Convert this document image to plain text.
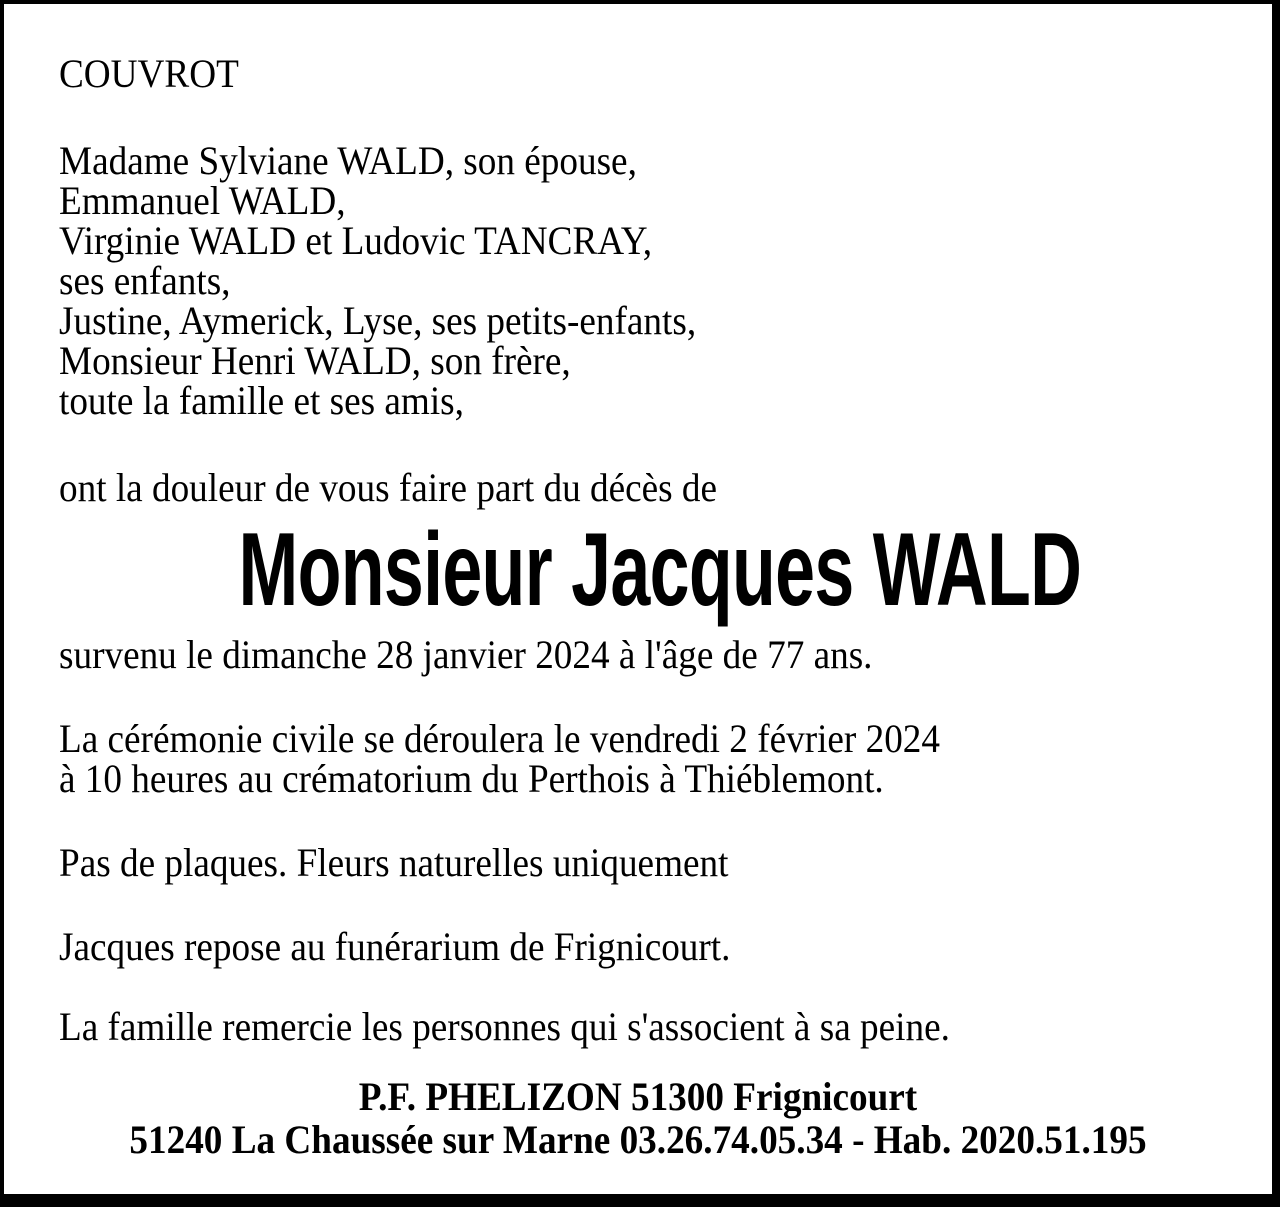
COUVROT

Madame Sylviane WALD, son épouse,

Emmanuel WALD,

Virginie WALD et Ludovic TANCRAY,

ses enfants,

Justine, Aymerick, Lyse, ses petits-enfants,

Monsieur Henri WALD, son frère,

toute la famille et ses amis,

ont la douleur de vous faire part du décès de

Monsieur Jacques WALD

survenu le dimanche 28 janvier 2024 à l'âge de 77 ans.

La cérémonie civile se déroulera le vendredi 2 février 2024

à 10 heures au crématorium du Perthois à Thiéblemont.

Pas de plaques. Fleurs naturelles uniquement

Jacques repose au funérarium de Frignicourt.

La famille remercie les personnes qui s'associent à sa peine.

P.F. PHELIZON 51300 Frignicourt

51240 La Chaussée sur Marne 03.26.74.05.34 - Hab. 2020.51.195
